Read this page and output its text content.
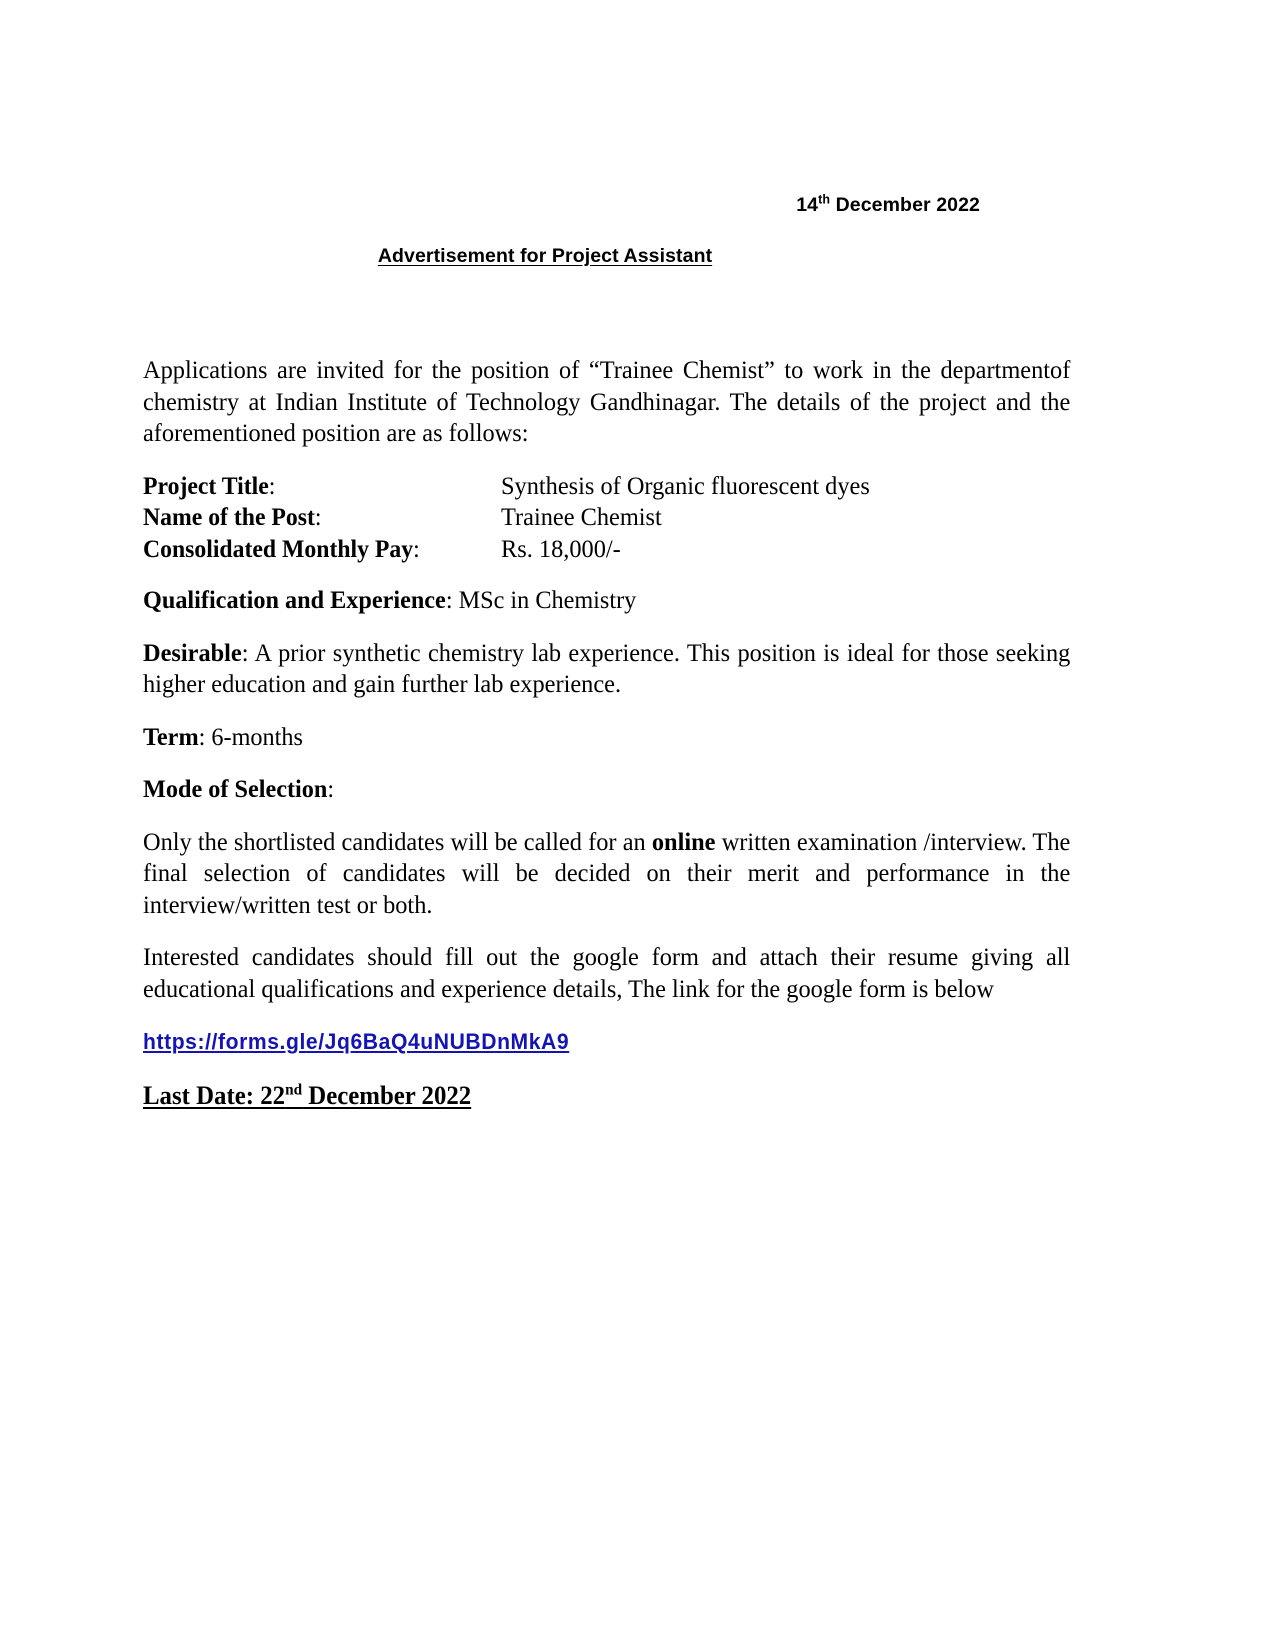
14th December 2022
Advertisement for Project Assistant

Applications are invited for the position of “Trainee Chemist” to work in the departmentof chemistry at Indian Institute of Technology Gandhinagar. The details of the project and the aforementioned position are as follows:

Project Title:	Synthesis of Organic fluorescent dyes
Name of the Post:	Trainee Chemist
Consolidated Monthly Pay:	Rs. 18,000/-

Qualification and Experience: MSc in Chemistry

Desirable: A prior synthetic chemistry lab experience. This position is ideal for those seeking higher education and gain further lab experience.

Term: 6-months

Mode of Selection:

Only the shortlisted candidates will be called for an online written examination /interview. The final selection of candidates will be decided on their merit and performance in the interview/written test or both.

Interested candidates should fill out the google form and attach their resume giving all educational qualifications and experience details, The link for the google form is below

https://forms.gle/Jq6BaQ4uNUBDnMkA9

Last Date: 22nd December 2022
